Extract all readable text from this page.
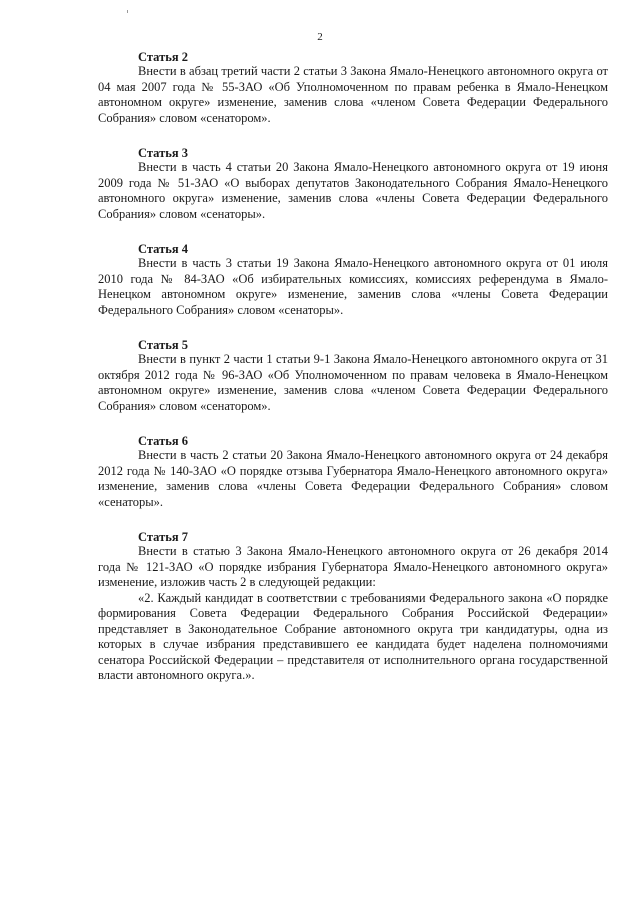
2

Статья 2

Внести в абзац третий части 2 статьи 3 Закона Ямало-Ненецкого автономного округа от 04 мая 2007 года № 55-ЗАО «Об Уполномоченном по правам ребенка в Ямало-Ненецком автономном округе» изменение, заменив слова «членом Совета Федерации Федерального Собрания» словом «сенатором».

Статья 3

Внести в часть 4 статьи 20 Закона Ямало-Ненецкого автономного округа от 19 июня 2009 года № 51-ЗАО «О выборах депутатов Законодательного Собрания Ямало-Ненецкого автономного округа» изменение, заменив слова «члены Совета Федерации Федерального Собрания» словом «сенаторы».

Статья 4

Внести в часть 3 статьи 19 Закона Ямало-Ненецкого автономного округа от 01 июля 2010 года № 84-ЗАО «Об избирательных комиссиях, комиссиях референдума в Ямало-Ненецком автономном округе» изменение, заменив слова «члены Совета Федерации Федерального Собрания» словом «сенаторы».

Статья 5

Внести в пункт 2 части 1 статьи 9-1 Закона Ямало-Ненецкого автономного округа от 31 октября 2012 года № 96-ЗАО «Об Уполномоченном по правам человека в Ямало-Ненецком автономном округе» изменение, заменив слова «членом Совета Федерации Федерального Собрания» словом «сенатором».

Статья 6

Внести в часть 2 статьи 20 Закона Ямало-Ненецкого автономного округа от 24 декабря 2012 года № 140-ЗАО «О порядке отзыва Губернатора Ямало-Ненецкого автономного округа» изменение, заменив слова «члены Совета Федерации Федерального Собрания» словом «сенаторы».

Статья 7

Внести в статью 3 Закона Ямало-Ненецкого автономного округа от 26 декабря 2014 года № 121-ЗАО «О порядке избрания Губернатора Ямало-Ненецкого автономного округа» изменение, изложив часть 2 в следующей редакции:

«2. Каждый кандидат в соответствии с требованиями Федерального закона «О порядке формирования Совета Федерации Федерального Собрания Российской Федерации» представляет в Законодательное Собрание автономного округа три кандидатуры, одна из которых в случае избрания представившего ее кандидата будет наделена полномочиями сенатора Российской Федерации – представителя от исполнительного органа государственной власти автономного округа.».
